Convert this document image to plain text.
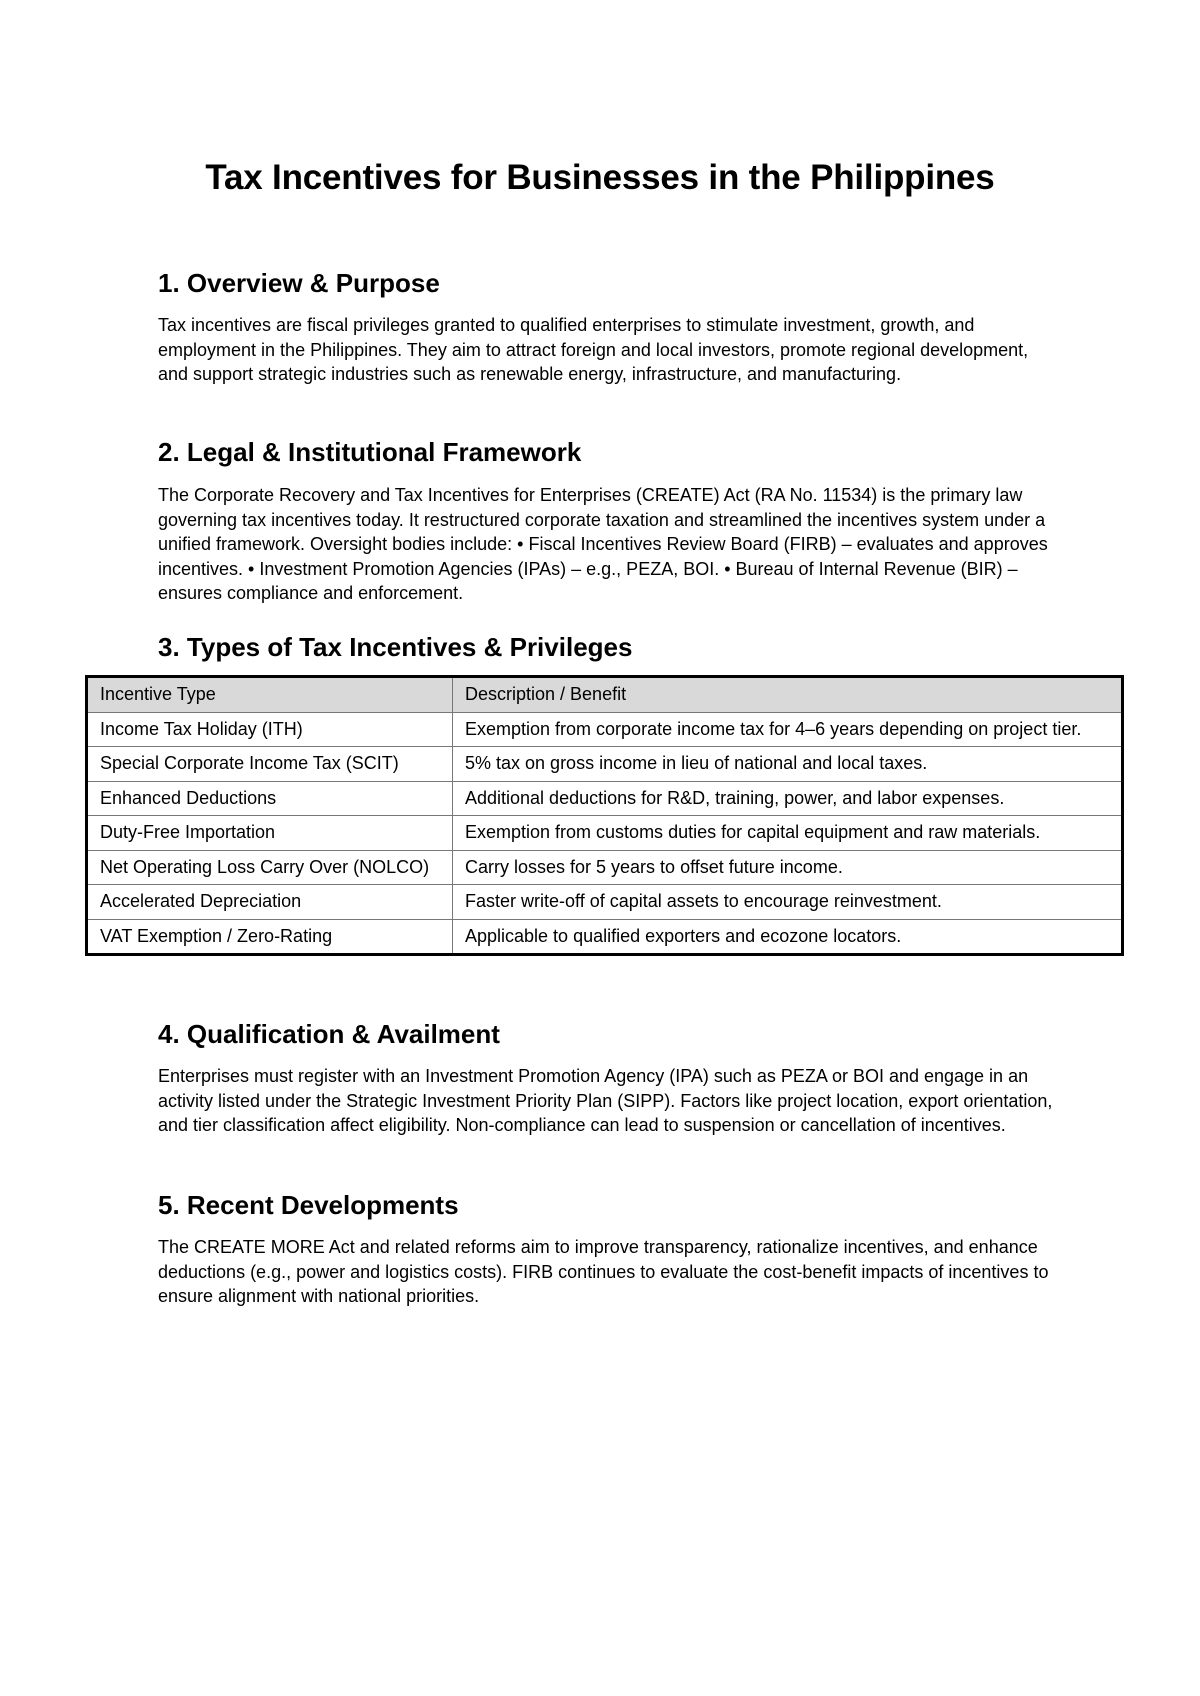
Tax Incentives for Businesses in the Philippines
1. Overview & Purpose

Tax incentives are fiscal privileges granted to qualified enterprises to stimulate investment, growth, and employment in the Philippines. They aim to attract foreign and local investors, promote regional development, and support strategic industries such as renewable energy, infrastructure, and manufacturing.

2. Legal & Institutional Framework

The Corporate Recovery and Tax Incentives for Enterprises (CREATE) Act (RA No. 11534) is the primary law governing tax incentives today. It restructured corporate taxation and streamlined the incentives system under a unified framework. Oversight bodies include: • Fiscal Incentives Review Board (FIRB) – evaluates and approves incentives. • Investment Promotion Agencies (IPAs) – e.g., PEZA, BOI. • Bureau of Internal Revenue (BIR) – ensures compliance and enforcement.

3. Types of Tax Incentives & Privileges
Incentive Type	Description / Benefit
Income Tax Holiday (ITH)	Exemption from corporate income tax for 4–6 years depending on project tier.
Special Corporate Income Tax (SCIT)	5% tax on gross income in lieu of national and local taxes.
Enhanced Deductions	Additional deductions for R&D, training, power, and labor expenses.
Duty-Free Importation	Exemption from customs duties for capital equipment and raw materials.
Net Operating Loss Carry Over (NOLCO)	Carry losses for 5 years to offset future income.
Accelerated Depreciation	Faster write-off of capital assets to encourage reinvestment.
VAT Exemption / Zero-Rating	Applicable to qualified exporters and ecozone locators.
4. Qualification & Availment

Enterprises must register with an Investment Promotion Agency (IPA) such as PEZA or BOI and engage in an activity listed under the Strategic Investment Priority Plan (SIPP). Factors like project location, export orientation, and tier classification affect eligibility. Non-compliance can lead to suspension or cancellation of incentives.

5. Recent Developments

The CREATE MORE Act and related reforms aim to improve transparency, rationalize incentives, and enhance deductions (e.g., power and logistics costs). FIRB continues to evaluate the cost-benefit impacts of incentives to ensure alignment with national priorities.
